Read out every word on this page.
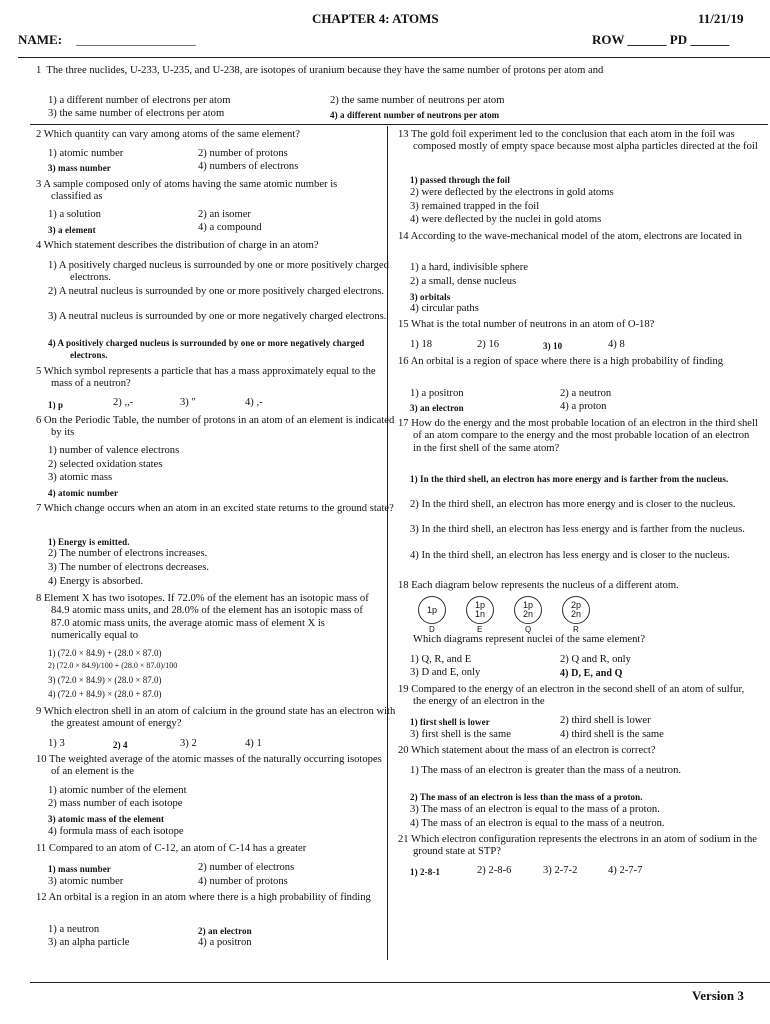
CHAPTER 4: ATOMS	11/21/19
NAME: ____________________	ROW ______ PD ______
1 The three nuclides, U-233, U-235, and U-238, are isotopes of uranium because they have the same number of protons per atom and
1) a different number of electrons per atom	2) the same number of neutrons per atom
3) the same number of electrons per atom	4) a different number of neutrons per atom
2 Which quantity can vary among atoms of the same element?
1) atomic number	2) number of protons
3) mass number	4) numbers of electrons
3 A sample composed only of atoms having the same atomic number is classified as
1) a solution	2) an isomer
3) a element	4) a compound
4 Which statement describes the distribution of charge in an atom?
1) A positively charged nucleus is surrounded by one or more positively charged electrons.
2) A neutral nucleus is surrounded by one or more positively charged electrons.
3) A neutral nucleus is surrounded by one or more negatively charged electrons.
4) A positively charged nucleus is surrounded by one or more negatively charged electrons.
5 Which symbol represents a particle that has a mass approximately equal to the mass of a neutron?
1) p	2) ,,-	3) "	4) ,-
6 On the Periodic Table, the number of protons in an atom of an element is indicated by its
1) number of valence electrons
2) selected oxidation states
3) atomic mass
4) atomic number
7 Which change occurs when an atom in an excited state returns to the ground state?
1) Energy is emitted.
2) The number of electrons increases.
3) The number of electrons decreases.
4) Energy is absorbed.
8 Element X has two isotopes. If 72.0% of the element has an isotopic mass of 84.9 atomic mass units, and 28.0% of the element has an isotopic mass of 87.0 atomic mass units, the average atomic mass of element X is numerically equal to
1) (72.0 × 84.9) + (28.0 × 87.0)
2) (72.0 × 84.9)/100 + (28.0 × 87.0)/100
3) (72.0 × 84.9) × (28.0 × 87.0)
4) (72.0 + 84.9) × (28.0 + 87.0)
9 Which electron shell in an atom of calcium in the ground state has an electron with the greatest amount of energy?
1) 3	2) 4	3) 2	4) 1
10 The weighted average of the atomic masses of the naturally occurring isotopes of an element is the
1) atomic number of the element
2) mass number of each isotope
3) atomic mass of the element
4) formula mass of each isotope
11 Compared to an atom of C-12, an atom of C-14 has a greater
1) mass number	2) number of electrons
3) atomic number	4) number of protons
12 An orbital is a region in an atom where there is a high probability of finding
1) a neutron	2) an electron
3) an alpha particle	4) a positron
13 The gold foil experiment led to the conclusion that each atom in the foil was composed mostly of empty space because most alpha particles directed at the foil
1) passed through the foil
2) were deflected by the electrons in gold atoms
3) remained trapped in the foil
4) were deflected by the nuclei in gold atoms
14 According to the wave-mechanical model of the atom, electrons are located in
1) a hard, indivisible sphere
2) a small, dense nucleus
3) orbitals
4) circular paths
15 What is the total number of neutrons in an atom of O-18?
1) 18	2) 16	3) 10	4) 8
16 An orbital is a region of space where there is a high probability of finding
1) a positron	2) a neutron
3) an electron	4) a proton
17 How do the energy and the most probable location of an electron in the third shell of an atom compare to the energy and the most probable location of an electron in the first shell of the same atom?
1) In the third shell, an electron has more energy and is farther from the nucleus.
2) In the third shell, an electron has more energy and is closer to the nucleus.
3) In the third shell, an electron has less energy and is farther from the nucleus.
4) In the third shell, an electron has less energy and is closer to the nucleus.
18 Each diagram below represents the nucleus of a different atom.
1p	1p
1n
1p
2n
2p
2n
D	E	Q	R
Which diagrams represent nuclei of the same element?
1) Q, R, and E	2) Q and R, only
3) D and E, only	4) D, E, and Q
19 Compared to the energy of an electron in the second shell of an atom of sulfur, the energy of an electron in the
1) first shell is lower	2) third shell is lower
3) first shell is the same	4) third shell is the same
20 Which statement about the mass of an electron is correct?
1) The mass of an electron is greater than the mass of a neutron.
2) The mass of an electron is less than the mass of a proton.
3) The mass of an electron is equal to the mass of a proton.
4) The mass of an electron is equal to the mass of a neutron.
21 Which electron configuration represents the electrons in an atom of sodium in the ground state at STP?
1) 2-8-1	2) 2-8-6	3) 2-7-2	4) 2-7-7
Version 3
